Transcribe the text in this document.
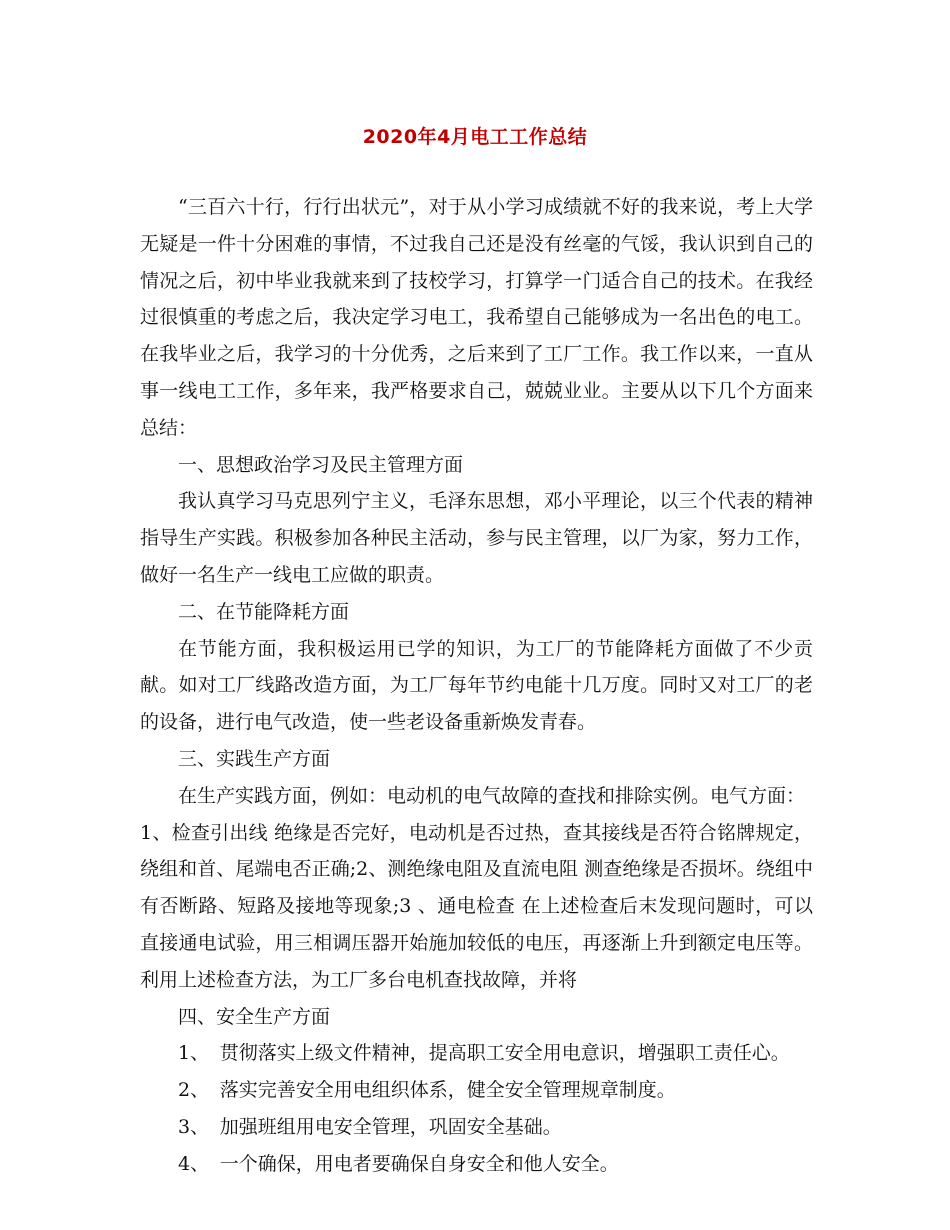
2020年4月电工工作总结

“三百六十行，行行出状元”，对于从小学习成绩就不好的我来说，考上大学无疑是一件十分困难的事情，不过我自己还是没有丝毫的气馁，我认识到自己的情况之后，初中毕业我就来到了技校学习，打算学一门适合自己的技术。在我经过很慎重的考虑之后，我决定学习电工，我希望自己能够成为一名出色的电工。在我毕业之后，我学习的十分优秀，之后来到了工厂工作。我工作以来，一直从事一线电工工作，多年来，我严格要求自己，兢兢业业。主要从以下几个方面来总结：

一、思想政治学习及民主管理方面

我认真学习马克思列宁主义，毛泽东思想，邓小平理论，以三个代表的精神指导生产实践。积极参加各种民主活动，参与民主管理，以厂为家，努力工作，做好一名生产一线电工应做的职责。

二、在节能降耗方面

在节能方面，我积极运用已学的知识，为工厂的节能降耗方面做了不少贡献。如对工厂线路改造方面，为工厂每年节约电能十几万度。同时又对工厂的老的设备，进行电气改造，使一些老设备重新焕发青春。

三、实践生产方面

在生产实践方面，例如：电动机的电气故障的查找和排除实例。电气方面：

1、检查引出线 绝缘是否完好，电动机是否过热，查其接线是否符合铭牌规定，绕组和首、尾端电否正确;2、测绝缘电阻及直流电阻 测查绝缘是否损坏。绕组中有否断路、短路及接地等现象;3 、通电检查 在上述检查后末发现问题时，可以直接通电试验，用三相调压器开始施加较低的电压，再逐渐上升到额定电压等。利用上述检查方法，为工厂多台电机查找故障，并将

四、安全生产方面

1、 贯彻落实上级文件精神，提高职工安全用电意识，增强职工责任心。

2、 落实完善安全用电组织体系，健全安全管理规章制度。

3、 加强班组用电安全管理，巩固安全基础。

4、 一个确保，用电者要确保自身安全和他人安全。
